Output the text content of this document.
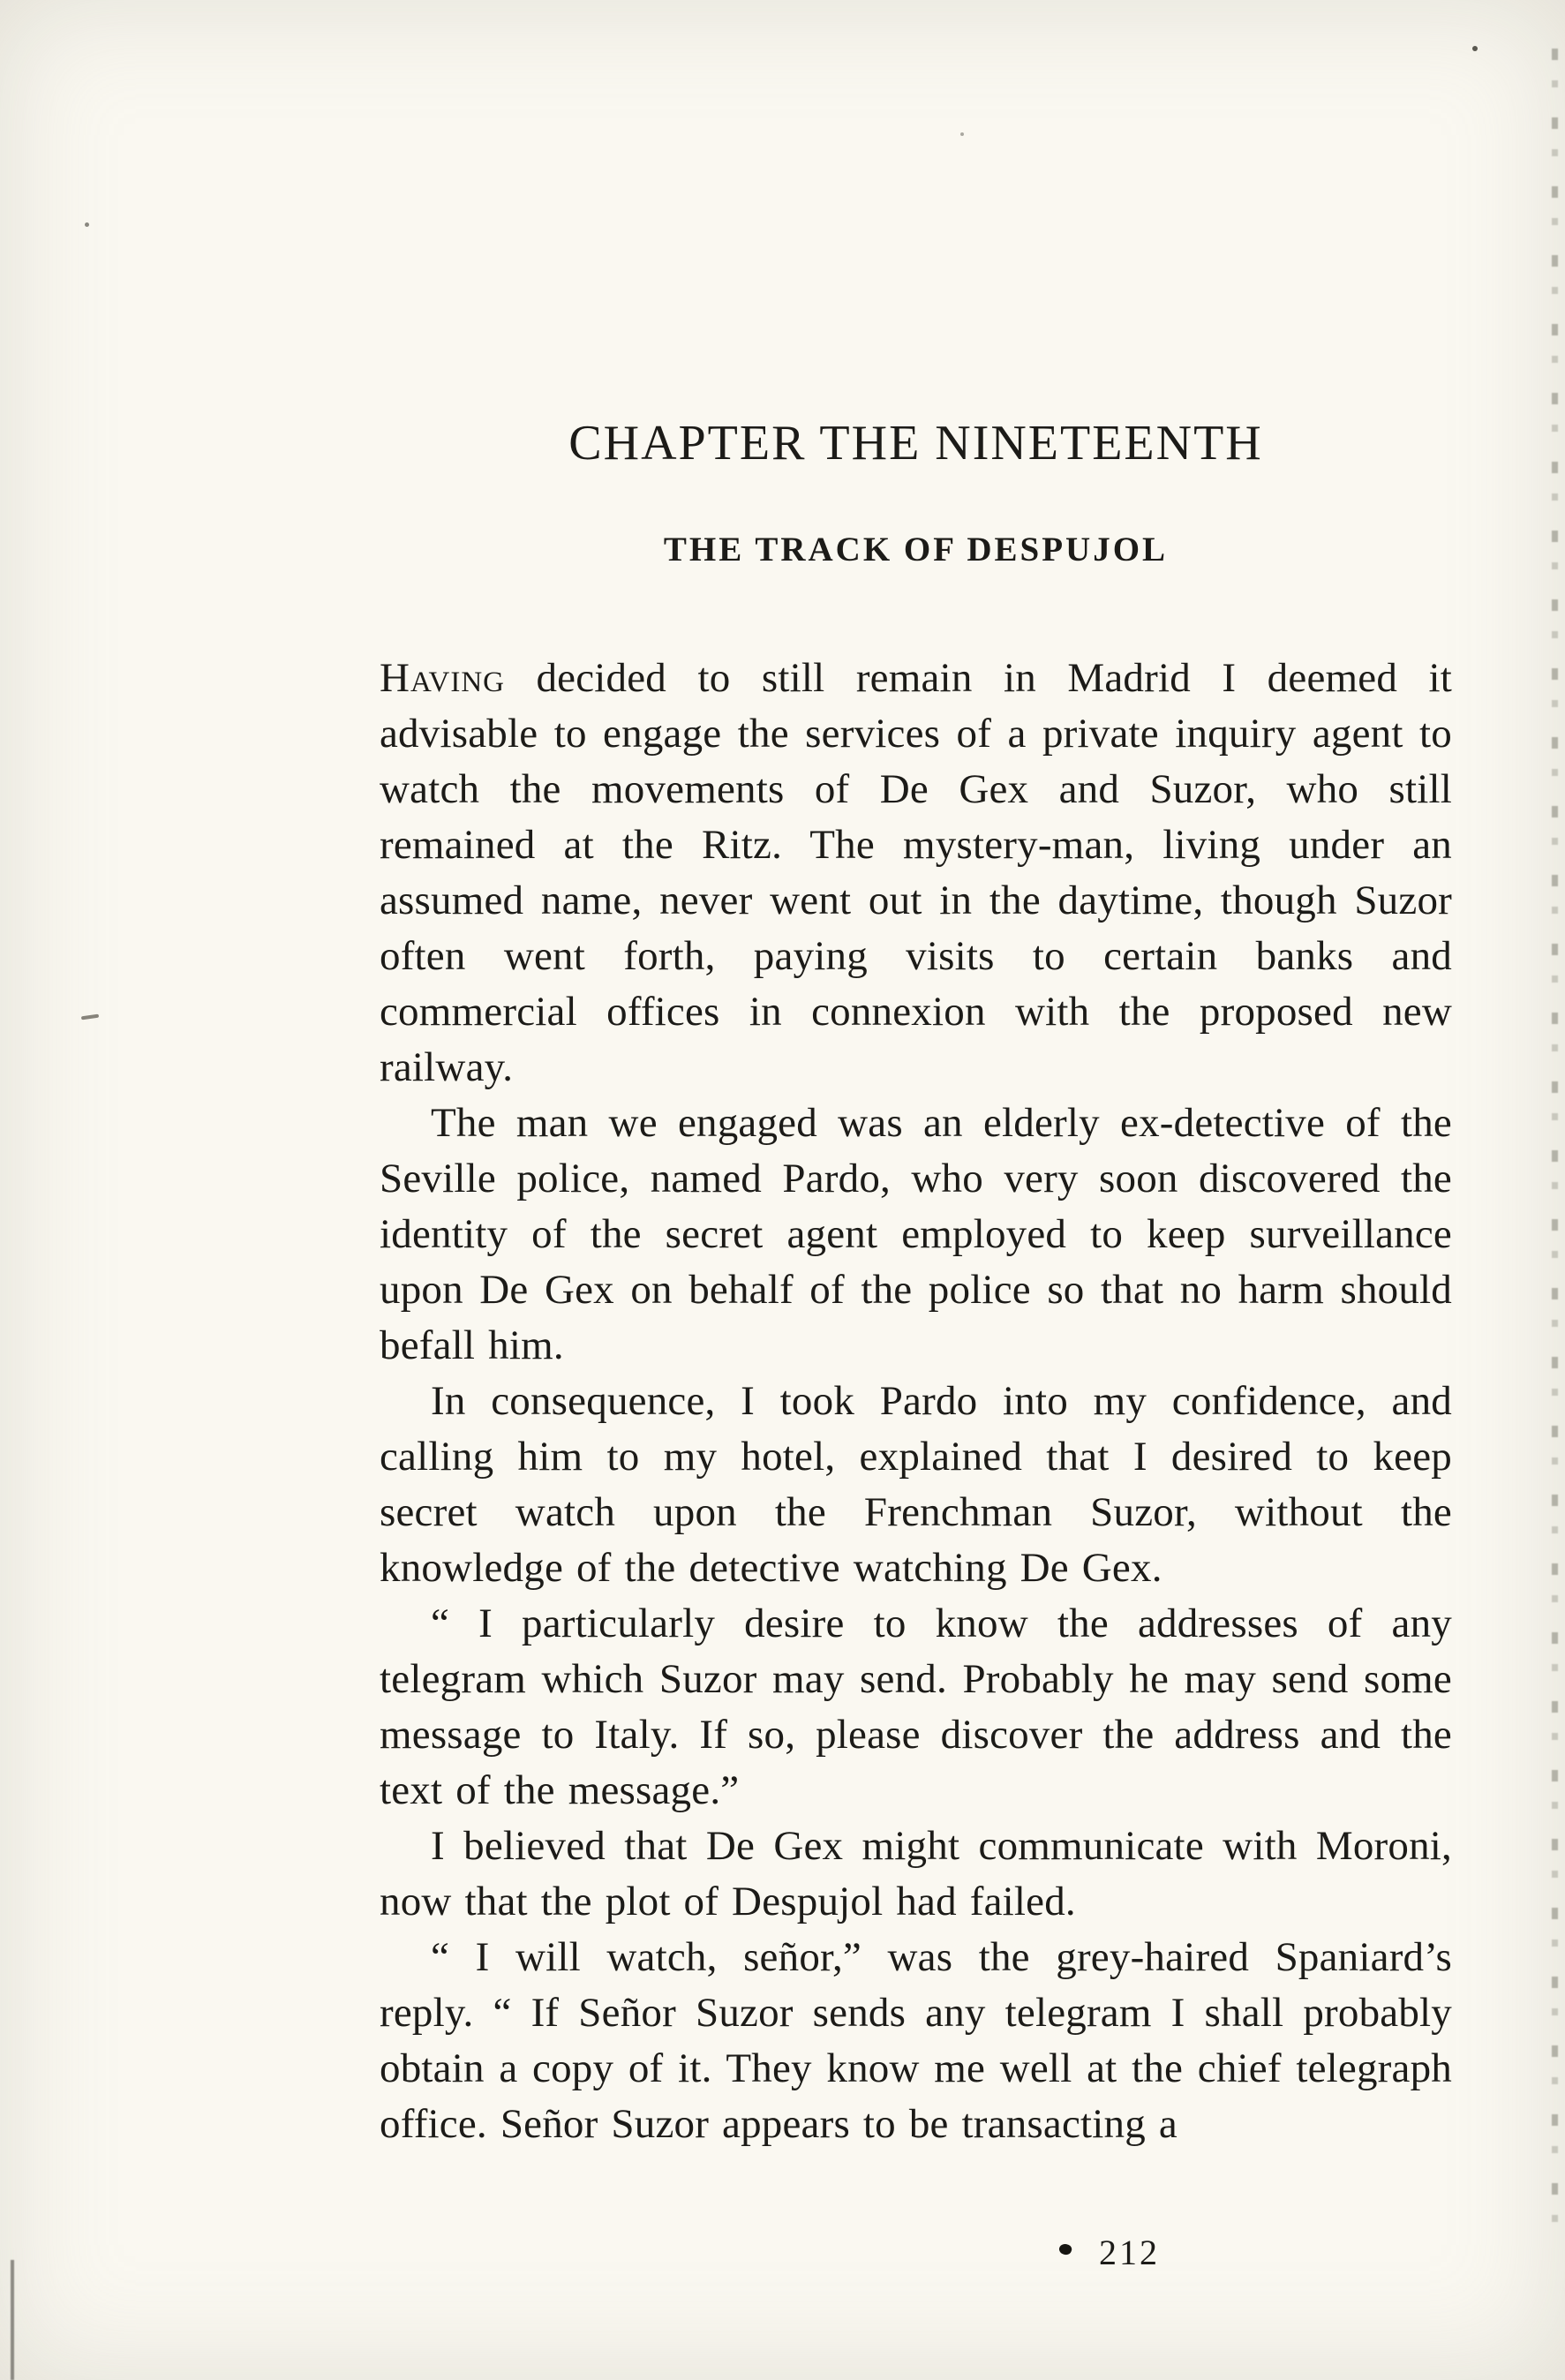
CHAPTER THE NINETEENTH
THE TRACK OF DESPUJOL

Having decided to still remain in Madrid I deemed it advisable to engage the services of a private inquiry agent to watch the movements of De Gex and Suzor, who still remained at the Ritz. The mystery-man, living under an assumed name, never went out in the daytime, though Suzor often went forth, paying visits to certain banks and commercial offices in connexion with the proposed new railway.

The man we engaged was an elderly ex-detective of the Seville police, named Pardo, who very soon discovered the identity of the secret agent employed to keep surveillance upon De Gex on behalf of the police so that no harm should befall him.

In consequence, I took Pardo into my confidence, and calling him to my hotel, explained that I desired to keep secret watch upon the Frenchman Suzor, without the knowledge of the detective watching De Gex.

“ I particularly desire to know the addresses of any telegram which Suzor may send. Probably he may send some message to Italy. If so, please discover the address and the text of the message.”

I believed that De Gex might communicate with Moroni, now that the plot of Despujol had failed.

“ I will watch, señor,” was the grey-haired Spaniard’s reply. “ If Señor Suzor sends any telegram I shall probably obtain a copy of it. They know me well at the chief telegraph office. Señor Suzor appears to be transacting a

212
